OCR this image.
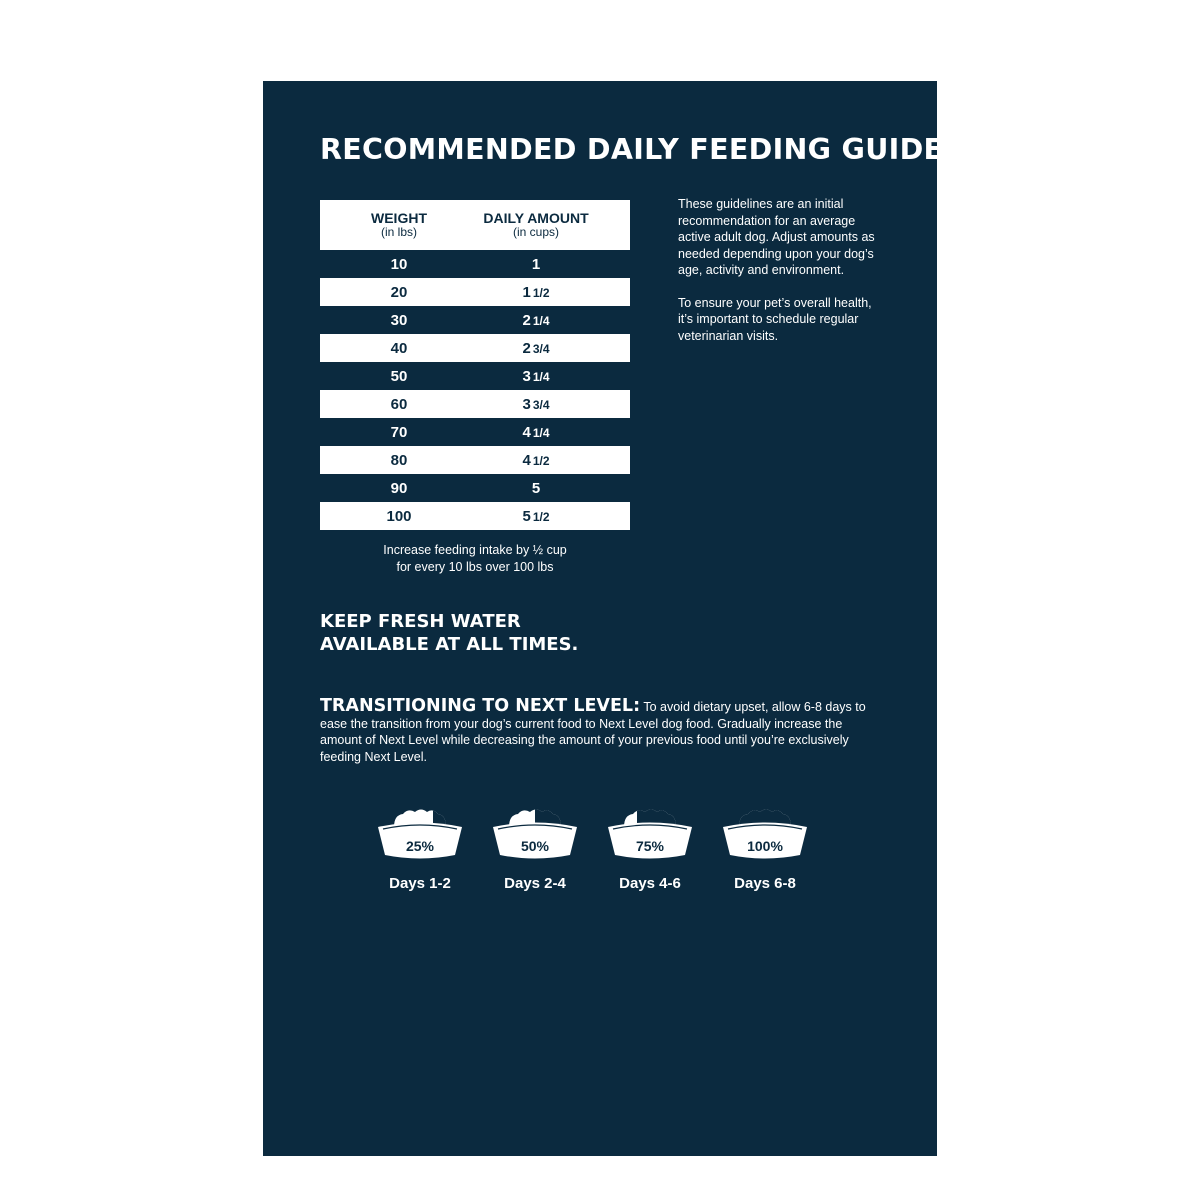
RECOMMENDED DAILY FEEDING GUIDE
WEIGHT
(in lbs)
DAILY AMOUNT
(in cups)
10	1
20	1 1/2
30	2 1/4
40	2 3/4
50	3 1/4
60	3 3/4
70	4 1/4
80	4 1/2
90	5
100	5 1/2
Increase feeding intake by ½ cup
for every 10 lbs over 100 lbs

These guidelines are an initial recommendation for an average active adult dog. Adjust amounts as needed depending upon your dog’s age, activity and environment.

To ensure your pet’s overall health, it’s important to schedule regular veterinarian visits.

KEEP FRESH WATER
AVAILABLE AT ALL TIMES.
TRANSITIONING TO NEXT LEVEL: To avoid dietary upset, allow 6-8 days to ease the transition from your dog’s current food to Next Level dog food. Gradually increase the amount of Next Level while decreasing the amount of your previous food until you’re exclusively feeding Next Level.
25%
Days 1-2
50%
Days 2-4
75%
Days 4-6
100%
Days 6-8
